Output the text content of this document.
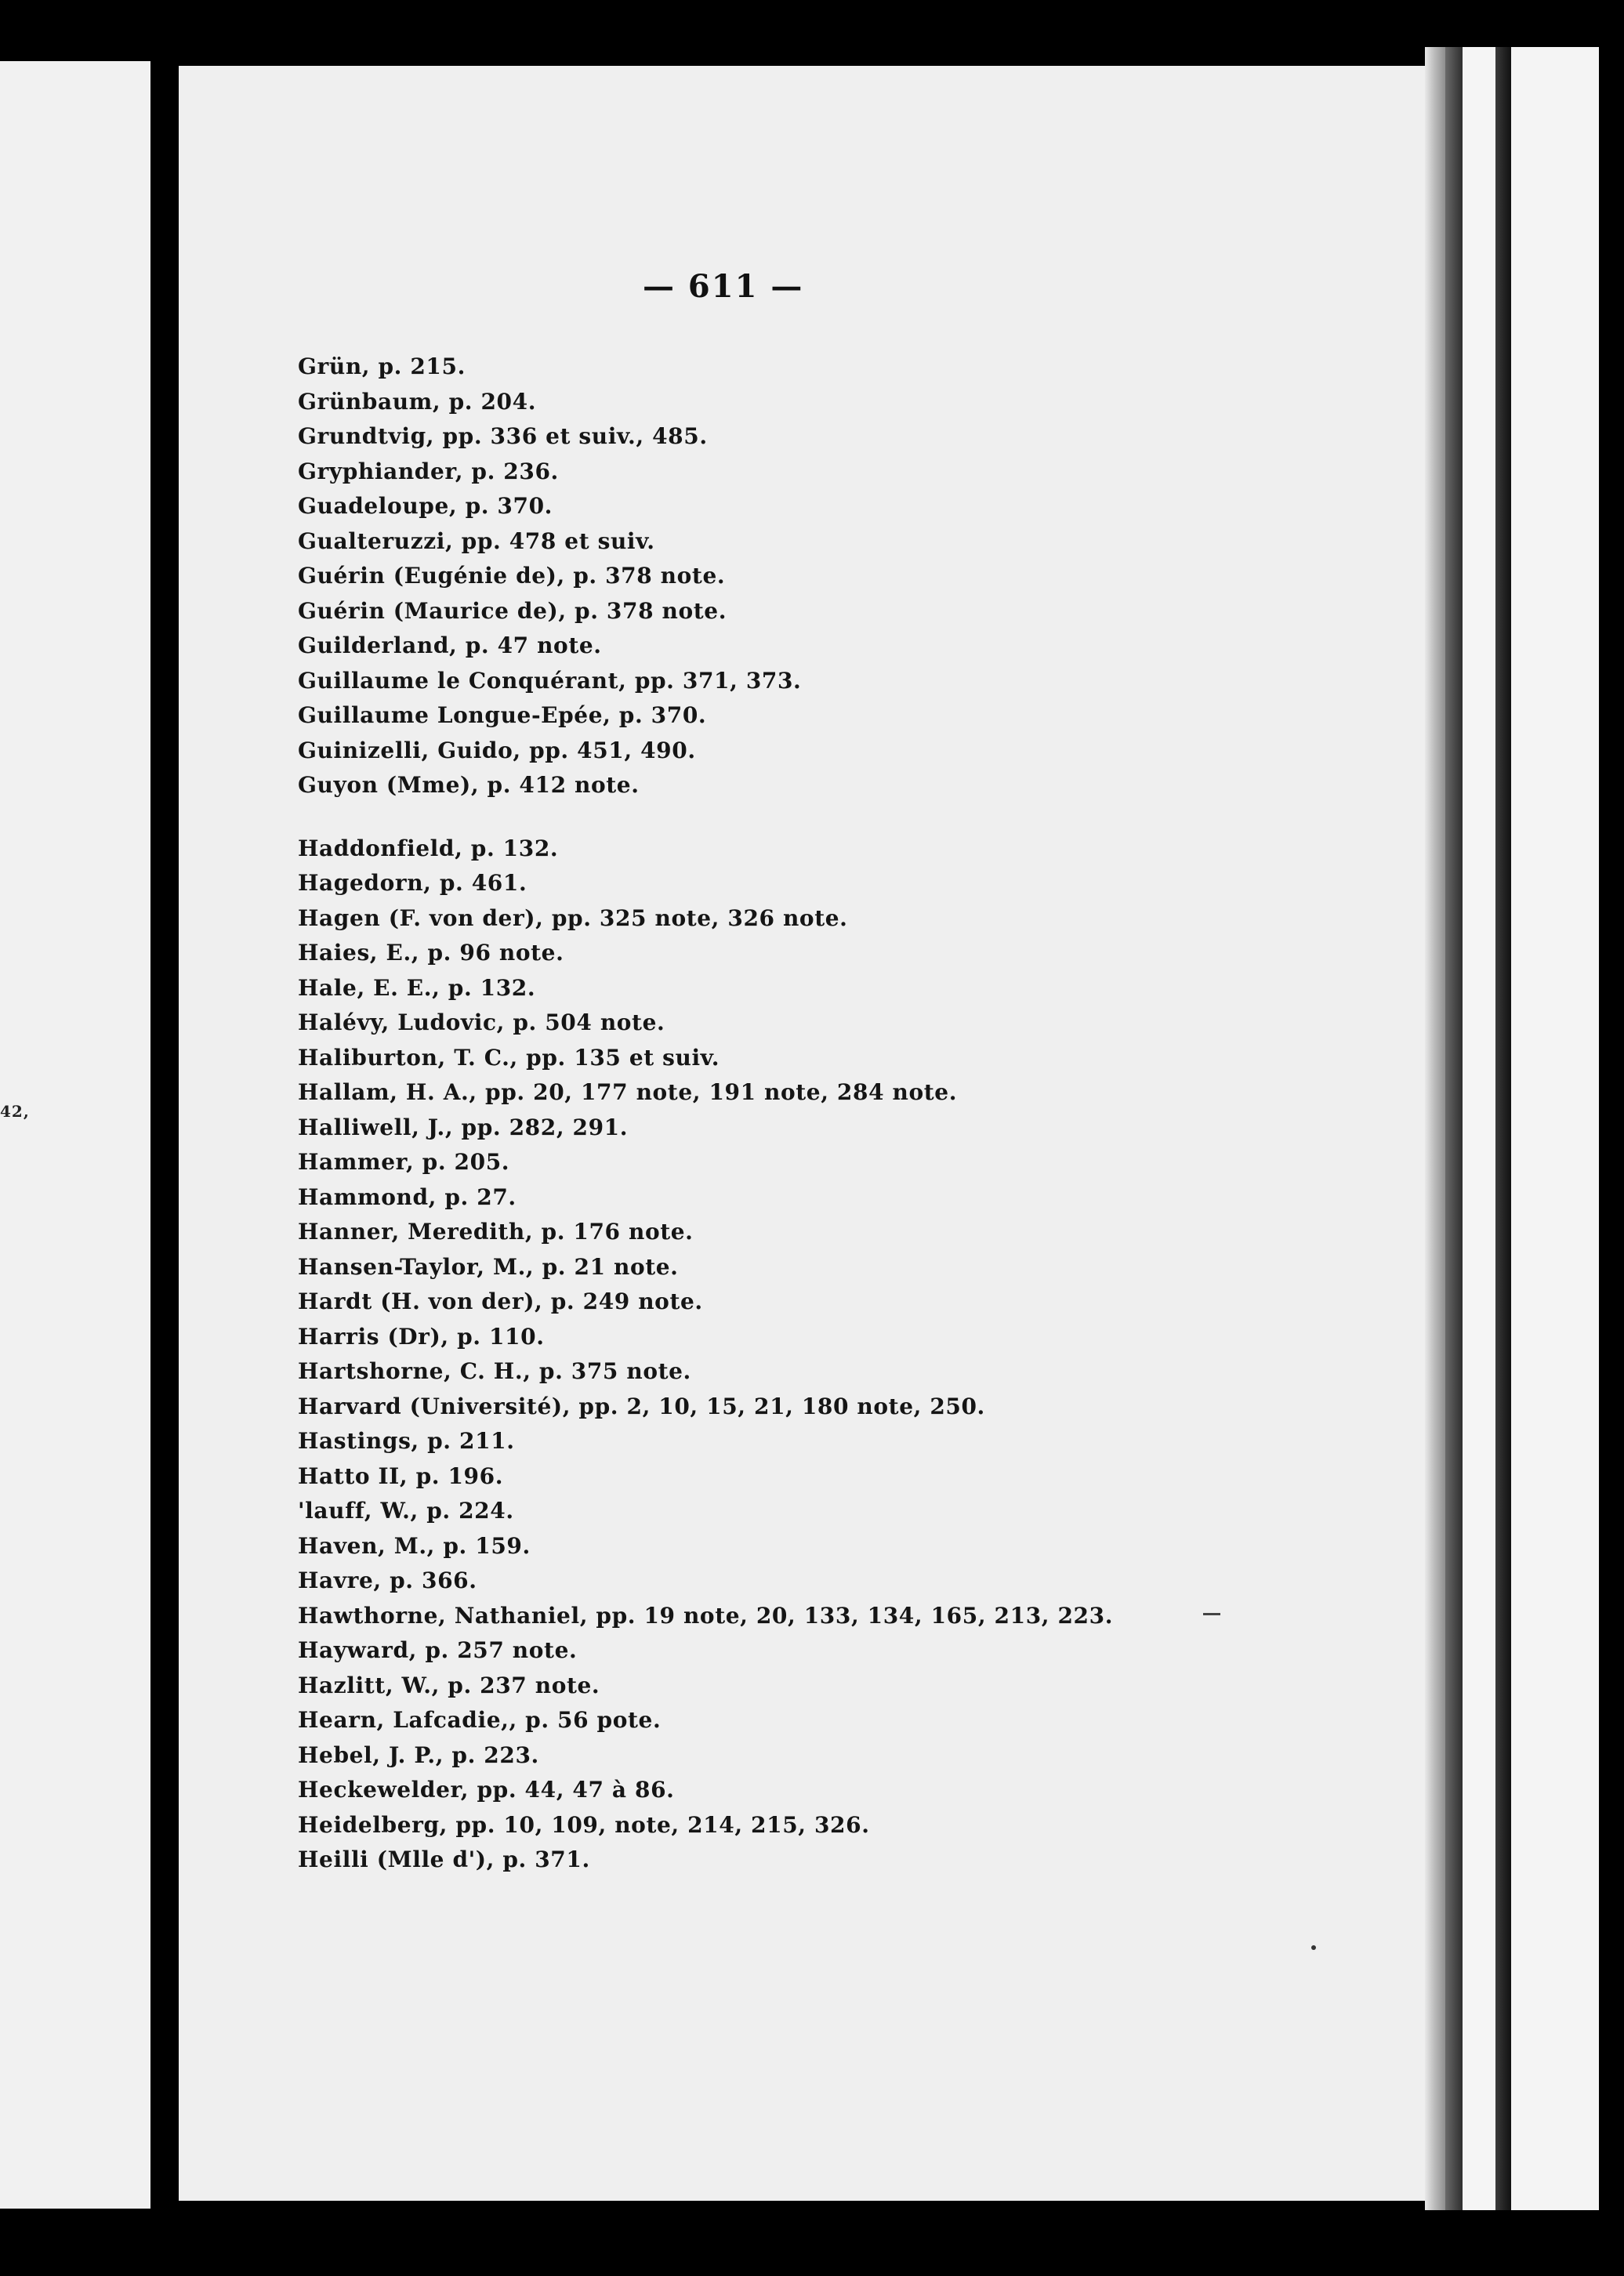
42,
— 611 —
Grün, p. 215.
Grünbaum, p. 204.
Grundtvig, pp. 336 et suiv., 485.
Gryphiander, p. 236.
Guadeloupe, p. 370.
Gualteruzzi, pp. 478 et suiv.
Guérin (Eugénie de), p. 378 note.
Guérin (Maurice de), p. 378 note.
Guilderland, p. 47 note.
Guillaume le Conquérant, pp. 371, 373.
Guillaume Longue-Epée, p. 370.
Guinizelli, Guido, pp. 451, 490.
Guyon (Mme), p. 412 note.
Haddonfield, p. 132.
Hagedorn, p. 461.
Hagen (F. von der), pp. 325 note, 326 note.
Haies, E., p. 96 note.
Hale, E. E., p. 132.
Halévy, Ludovic, p. 504 note.
Haliburton, T. C., pp. 135 et suiv.
Hallam, H. A., pp. 20, 177 note, 191 note, 284 note.
Halliwell, J., pp. 282, 291.
Hammer, p. 205.
Hammond, p. 27.
Hanner, Meredith, p. 176 note.
Hansen-Taylor, M., p. 21 note.
Hardt (H. von der), p. 249 note.
Harris (Dr), p. 110.
Hartshorne, C. H., p. 375 note.
Harvard (Université), pp. 2, 10, 15, 21, 180 note, 250.
Hastings, p. 211.
Hatto II, p. 196.
'lauff, W., p. 224.
Haven, M., p. 159.
Havre, p. 366.
Hawthorne, Nathaniel, pp. 19 note, 20, 133, 134, 165, 213, 223.
Hayward, p. 257 note.
Hazlitt, W., p. 237 note.
Hearn, Lafcadie,, p. 56 pote.
Hebel, J. P., p. 223.
Heckewelder, pp. 44, 47 à 86.
Heidelberg, pp. 10, 109, note, 214, 215, 326.
Heilli (Mlle d'), p. 371.
